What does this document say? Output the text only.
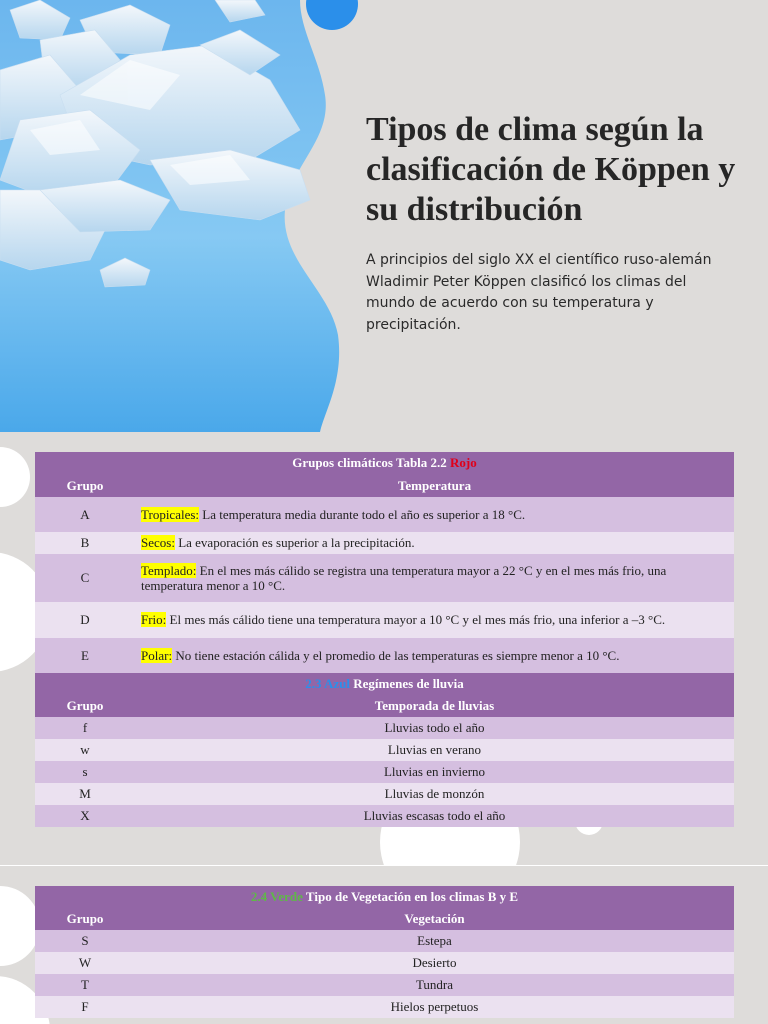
Tipos de clima según la clasificación de Köppen y su distribución

A principios del siglo XX el científico ruso-alemán Wladimir Peter Köppen clasificó los climas del mundo de acuerdo con su temperatura y precipitación.

Grupos climáticos Tabla 2.2 Rojo	
Grupo	Temperatura
A	Tropicales: La temperatura media durante todo el año es superior a 18 °C.
B	Secos: La evaporación es superior a la precipitación.
C	Templado: En el mes más cálido se registra una temperatura mayor a 22 °C y en el mes más frio, una temperatura menor a 10 °C.
D	Frio: El mes más cálido tiene una temperatura mayor a 10 °C y el mes más frio, una inferior a –3 °C.
E	Polar: No tiene estación cálida y el promedio de las temperaturas es siempre menor a 10 °C.
2.3 Azul Regímenes de lluvia	
Grupo	Temporada de lluvias
f	Lluvias todo el año
w	Lluvias en verano
s	Lluvias en invierno
M	Lluvias de monzón
X	Lluvias escasas todo el año
2.4 Verde Tipo de Vegetación en los climas B y E	
Grupo	Vegetación
S	Estepa
W	Desierto
T	Tundra
F	Hielos perpetuos
